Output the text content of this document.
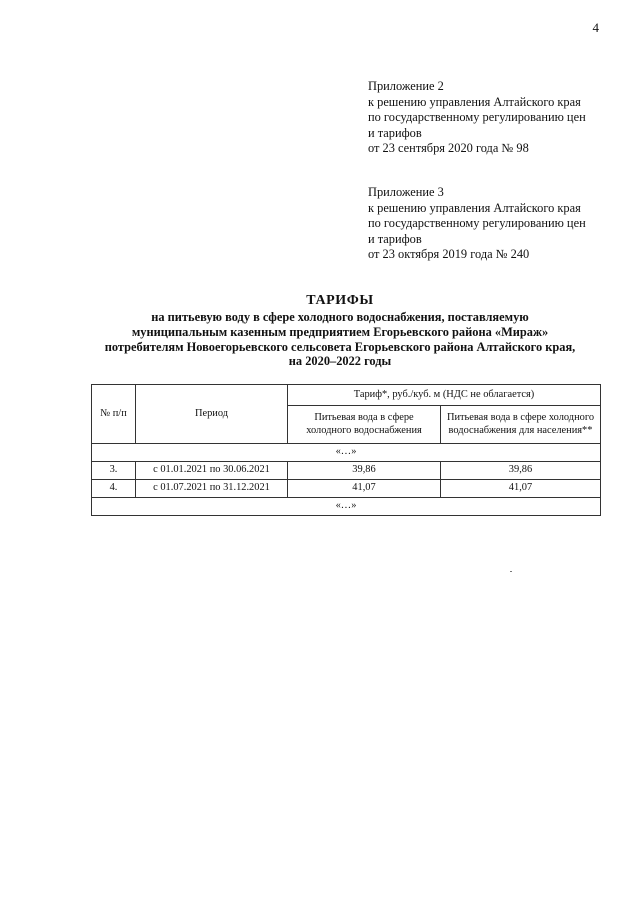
4
Приложение 2
к решению управления Алтайского края
по государственному регулированию цен
и тарифов
от 23 сентября 2020 года № 98
Приложение 3
к решению управления Алтайского края
по государственному регулированию цен
и тарифов
от 23 октября 2019 года № 240
ТАРИФЫ
на питьевую воду в сфере холодного водоснабжения, поставляемую
муниципальным казенным предприятием Егорьевского района «Мираж»
потребителям Новоегорьевского сельсовета Егорьевского района Алтайского края,
на 2020–2022 годы
№ п/п	Период	Тариф*, руб./куб. м (НДС не облагается)	
		Питьевая вода в сфере холодного водоснабжения	Питьевая вода в сфере холодного водоснабжения для населения**
«…»			
3.	с 01.01.2021 по 30.06.2021	39,86	39,86
4.	с 01.07.2021 по 31.12.2021	41,07	41,07
«…»			
